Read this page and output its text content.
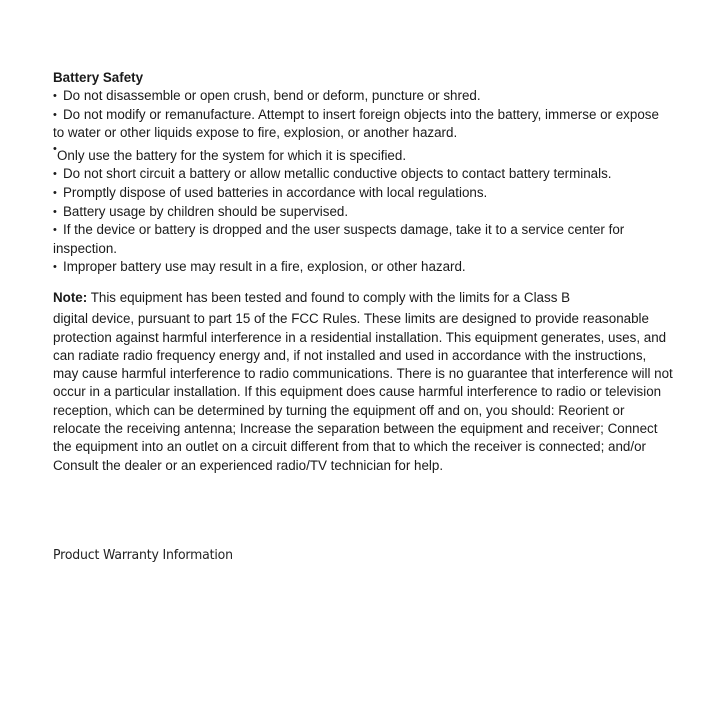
Battery Safety

• Do not disassemble or open crush, bend or deform, puncture or shred.
• Do not modify or remanufacture. Attempt to insert foreign objects into the battery, immerse or expose to water or other liquids expose to fire, explosion, or another hazard.
•Only use the battery for the system for which it is specified.
• Do not short circuit a battery or allow metallic conductive objects to contact battery terminals.
• Promptly dispose of used batteries in accordance with local regulations.
• Battery usage by children should be supervised.
• If the device or battery is dropped and the user suspects damage, take it to a service center for inspection.
• Improper battery use may result in a fire, explosion, or other hazard.

Note: This equipment has been tested and found to comply with the limits for a Class B
digital device, pursuant to part 15 of the FCC Rules. These limits are designed to provide reasonable protection against harmful interference in a residential installation. This equipment generates, uses, and can radiate radio frequency energy and, if not installed and used in accordance with the instructions, may cause harmful interference to radio communications. There is no guarantee that interference will not occur in a particular installation. If this equipment does cause harmful interference to radio or television reception, which can be determined by turning the equipment off and on, you should: Reorient or relocate the receiving antenna; Increase the separation between the equipment and receiver; Connect the equipment into an outlet on a circuit different from that to which the receiver is connected; and/or Consult the dealer or an experienced radio/TV technician for help.

Product Warranty Information
